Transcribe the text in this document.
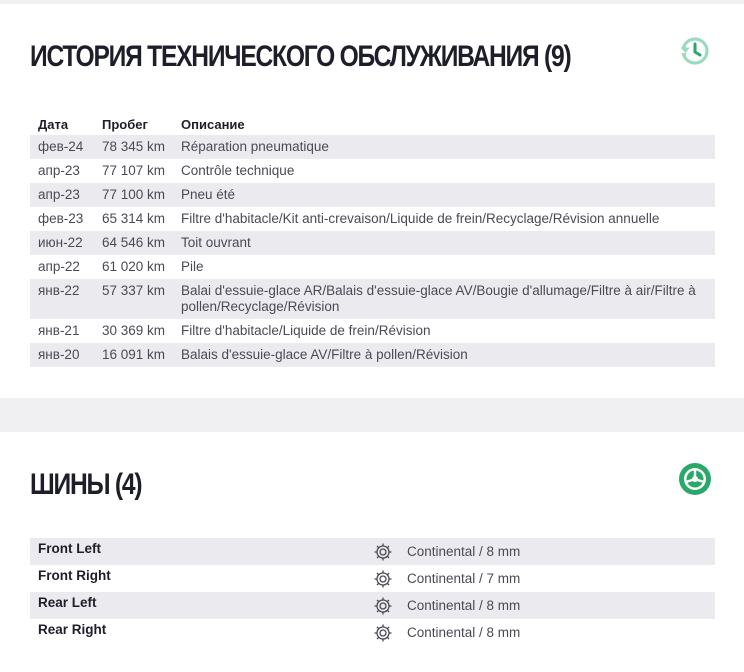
ИСТОРИЯ ТЕХНИЧЕСКОГО ОБСЛУЖИВАНИЯ (9)
Дата	Пробег	Описание
фев-24	78 345 km	Réparation pneumatique
апр-23	77 107 km	Contrôle technique
апр-23	77 100 km	Pneu été
фев-23	65 314 km	Filtre d'habitacle/Kit anti-crevaison/Liquide de frein/Recyclage/Révision annuelle
июн-22	64 546 km	Toit ouvrant
апр-22	61 020 km	Pile
янв-22	57 337 km	Balai d'essuie-glace AR/Balais d'essuie-glace AV/Bougie d'allumage/Filtre à air/Filtre à pollen/Recyclage/Révision
янв-21	30 369 km	Filtre d'habitacle/Liquide de frein/Révision
янв-20	16 091 km	Balais d'essuie-glace AV/Filtre à pollen/Révision
ШИНЫ (4)
Front Left	Continental / 8 mm
Front Right	Continental / 7 mm
Rear Left	Continental / 8 mm
Rear Right	Continental / 8 mm
